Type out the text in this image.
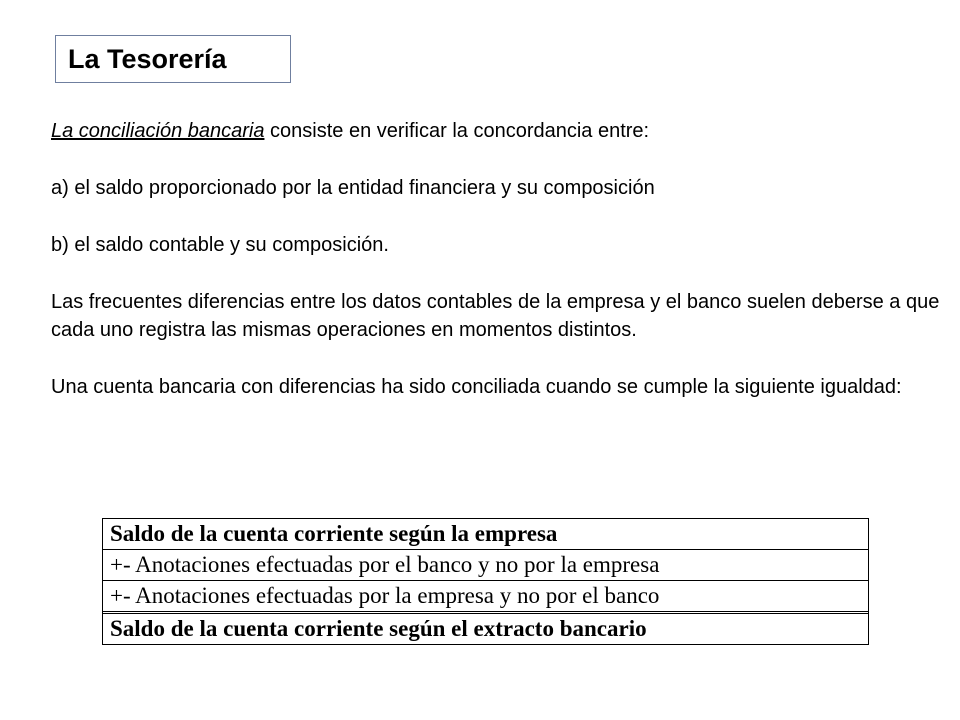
La Tesorería

La conciliación bancaria consiste en verificar la concordancia entre:

a) el saldo proporcionado por la entidad financiera y su composición

b) el saldo contable y su composición.

Las frecuentes diferencias entre los datos contables de la empresa y el banco suelen deberse a que cada uno registra las mismas operaciones en momentos distintos.

Una cuenta bancaria con diferencias ha sido conciliada cuando se cumple la siguiente igualdad:

Saldo de la cuenta corriente según la empresa
+- Anotaciones efectuadas por el banco y no por la empresa
+- Anotaciones efectuadas por la empresa y no por el banco
Saldo de la cuenta corriente según el extracto bancario
